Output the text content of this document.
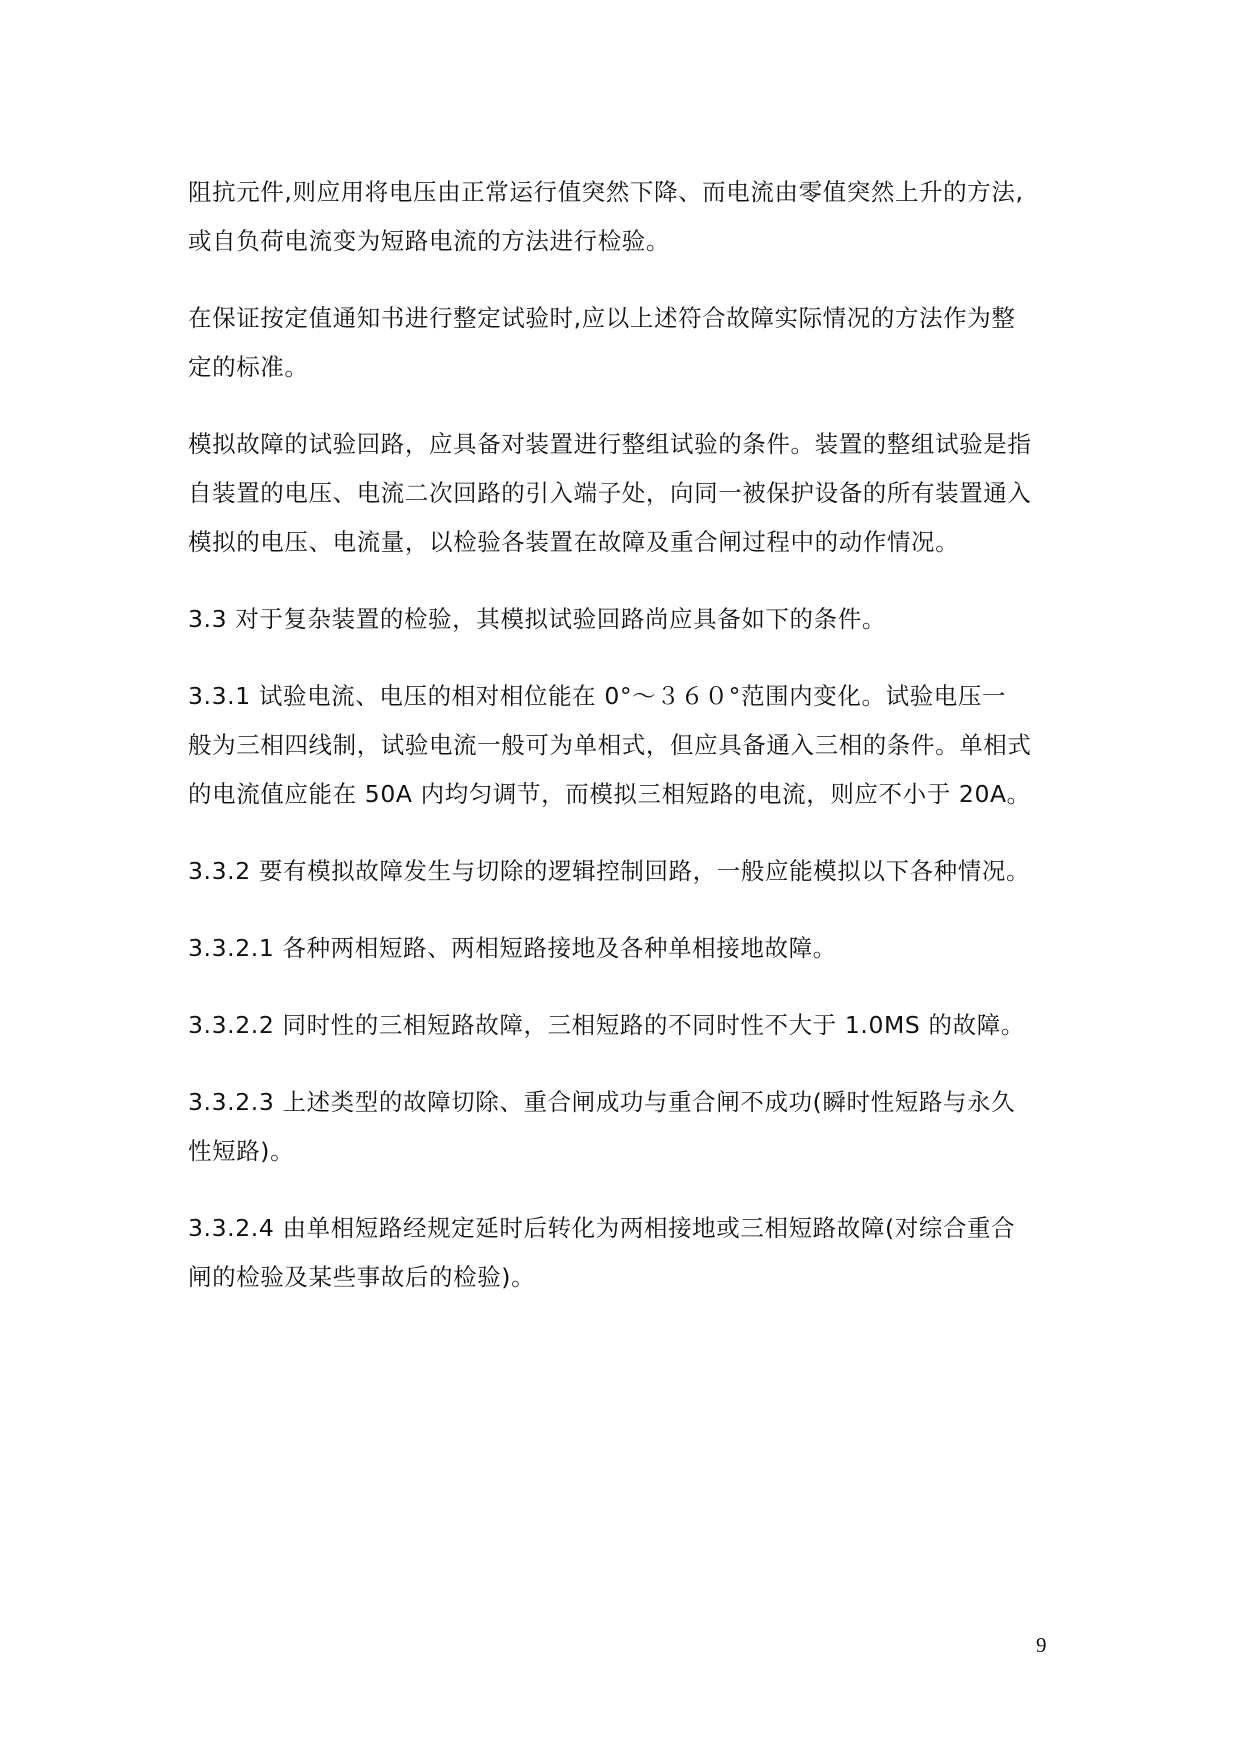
阻抗元件,则应用将电压由正常运行值突然下降、而电流由零值突然上升的方法,
或自负荷电流变为短路电流的方法进行检验。

在保证按定值通知书进行整定试验时,应以上述符合故障实际情况的方法作为整
定的标准。

模拟故障的试验回路，应具备对装置进行整组试验的条件。装置的整组试验是指
自装置的电压、电流二次回路的引入端子处，向同一被保护设备的所有装置通入
模拟的电压、电流量，以检验各装置在故障及重合闸过程中的动作情况。

3.3 对于复杂装置的检验，其模拟试验回路尚应具备如下的条件。

3.3.1 试验电流、电压的相对相位能在 0°～３６０°范围内变化。试验电压一
般为三相四线制，试验电流一般可为单相式，但应具备通入三相的条件。单相式
的电流值应能在 50A 内均匀调节，而模拟三相短路的电流，则应不小于 20A。

3.3.2 要有模拟故障发生与切除的逻辑控制回路，一般应能模拟以下各种情况。

3.3.2.1 各种两相短路、两相短路接地及各种单相接地故障。

3.3.2.2 同时性的三相短路故障，三相短路的不同时性不大于 1.0MS 的故障。

3.3.2.3 上述类型的故障切除、重合闸成功与重合闸不成功(瞬时性短路与永久
性短路)。

3.3.2.4 由单相短路经规定延时后转化为两相接地或三相短路故障(对综合重合
闸的检验及某些事故后的检验)。

9
